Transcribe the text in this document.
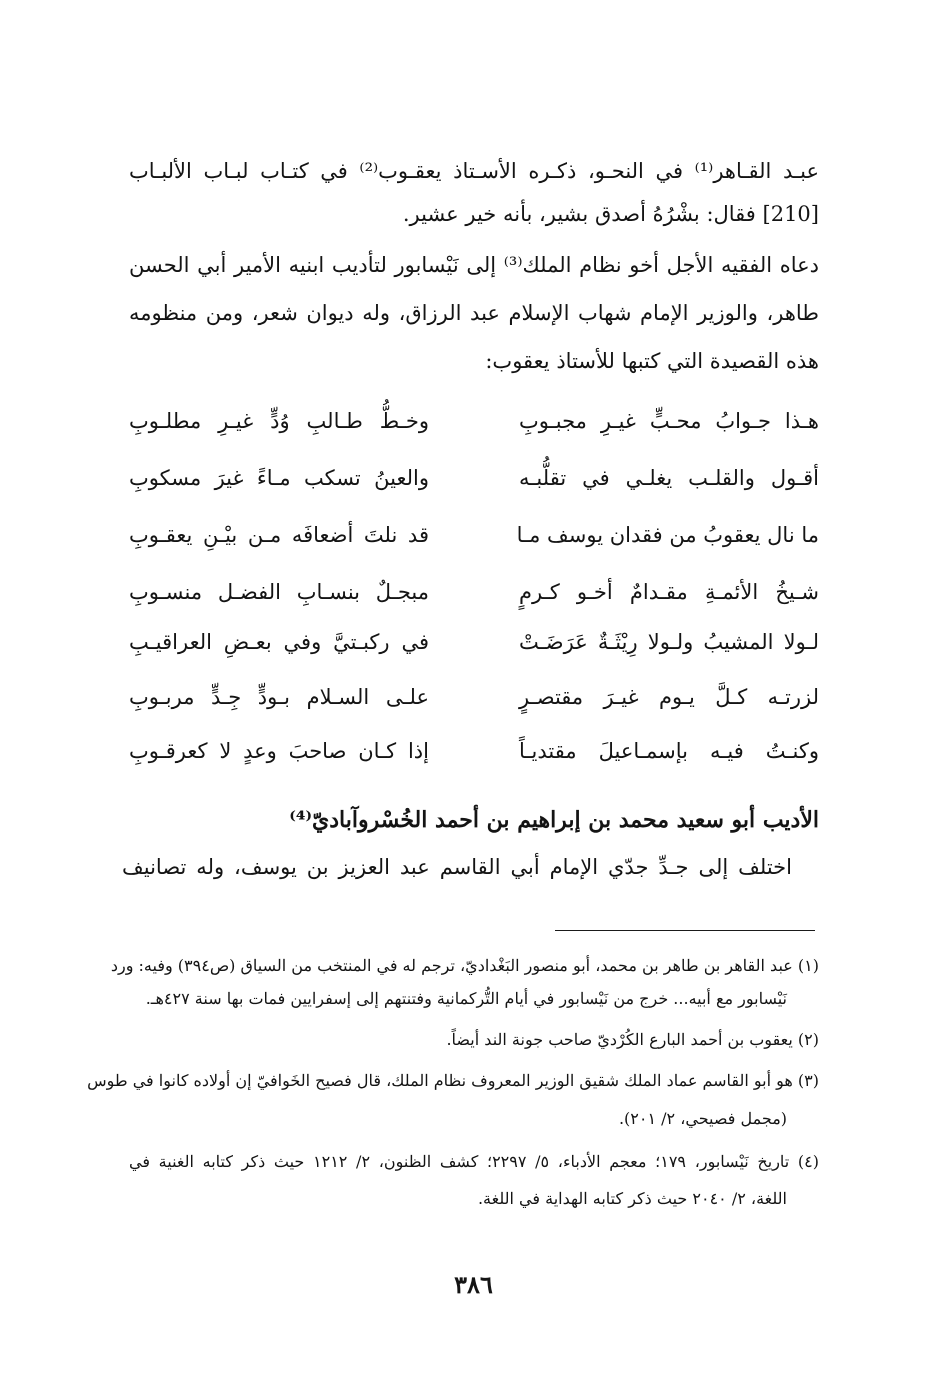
عبـد القـاهر⁽¹⁾ في النحـو، ذكـره الأسـتاذ يعقـوب⁽²⁾ في كتـاب لبـاب الألبـاب
[210] فقال: بشْرُهُ أصدق بشير، بأنه خير عشير.
دعاه الفقيه الأجل أخو نظام الملك⁽³⁾ إلى نَيْسابور لتأديب ابنيه الأمير أبي الحسن
طاهر، والوزير الإمام شهاب الإسلام عبد الرزاق، وله ديوان شعر، ومن منظومه
هذه القصيدة التي كتبها للأستاذ يعقوب:
هـذا جـوابُ محـبٍّ غيـرِ مجبـوبِ
وخـطُّ طـالبِ وُدٍّ غيـرِ مطلـوبِ
أقـول والقلـب يغلـي في تقلُّبـه
والعينُ تسكب مـاءً غيرَ مسكوبِ
ما نال يعقوبُ من فقدان يوسف مـا
قد نلتَ أضعافَه مـن بيْـنِ يعقـوبِ
شـيخُ الأئمـةِ مقـدامٌ أخـو كـرمٍ
مبجـلٌ بنسـابِ الفضـل منسـوبِ
لـولا المشيبُ ولـولا رِيْثَـةٌ عَرَضَـتْ
في ركبـتيَّ وفي بعـضِ العراقيـبِ
لزرتـه كـلَّ يـوم غيـرَ مقتصـرٍ
علـى السـلام بـودٍّ جِـدٍّ مربـوبِ
وكنـتُ فيـه بإسمـاعيلَ مقتديـاً
إذا كـان صاحبَ وعدٍ لا كعرقـوبِ
الأديب أبو سعيد محمد بن إبراهيم بن أحمد الخُسْروآباديّ⁽⁴⁾
اختلف إلى جـدِّ جدّي الإمام أبي القاسم عبد العزيز بن يوسف، وله تصانيف
(١) عبد القاهر بن طاهر بن محمد، أبو منصور البَغْداديّ، ترجم له في المنتخب من السياق (ص٣٩٤) وفيه: ورد
نَيْسابور مع أبيه... خرج من نَيْسابور في أيام التُّركمانية وفتنتهم إلى إسفرايين فمات بها سنة ٤٢٧هـ.
(٢) يعقوب بن أحمد البارع الكُرْديّ صاحب جونة الند أيضاً.
(٣) هو أبو القاسم عماد الملك شقيق الوزير المعروف نظام الملك، قال فصيح الخَوافيّ إن أولاده كانوا في طوس
(مجمل فصيحي، ٢/ ٢٠١).
(٤) تاريخ نَيْسابور، ١٧٩؛ معجم الأدباء، ٥/ ٢٢٩٧؛ كشف الظنون، ٢/ ١٢١٢ حيث ذكر كتابه الغنية في
اللغة، ٢/ ٢٠٤٠ حيث ذكر كتابه الهداية في اللغة.
٣٨٦
